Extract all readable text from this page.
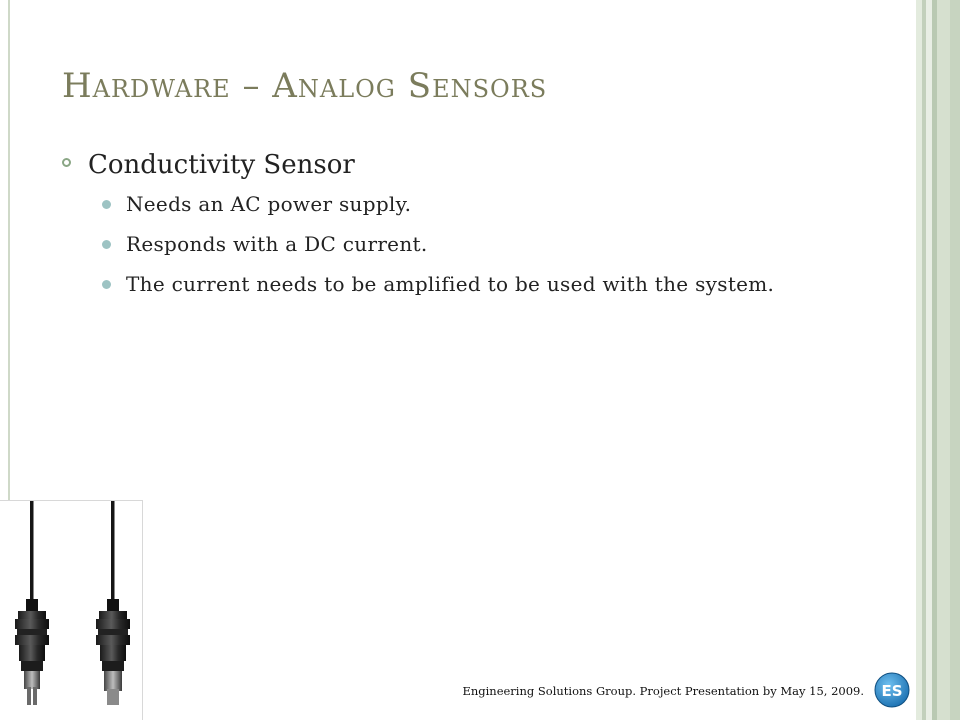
Hardware – Analog Sensors
Conductivity Sensor
Needs an AC power supply.
Responds with a DC current.
The current needs to be amplified to be used with the system.
Engineering Solutions Group. Project Presentation by May 15, 2009. ES
